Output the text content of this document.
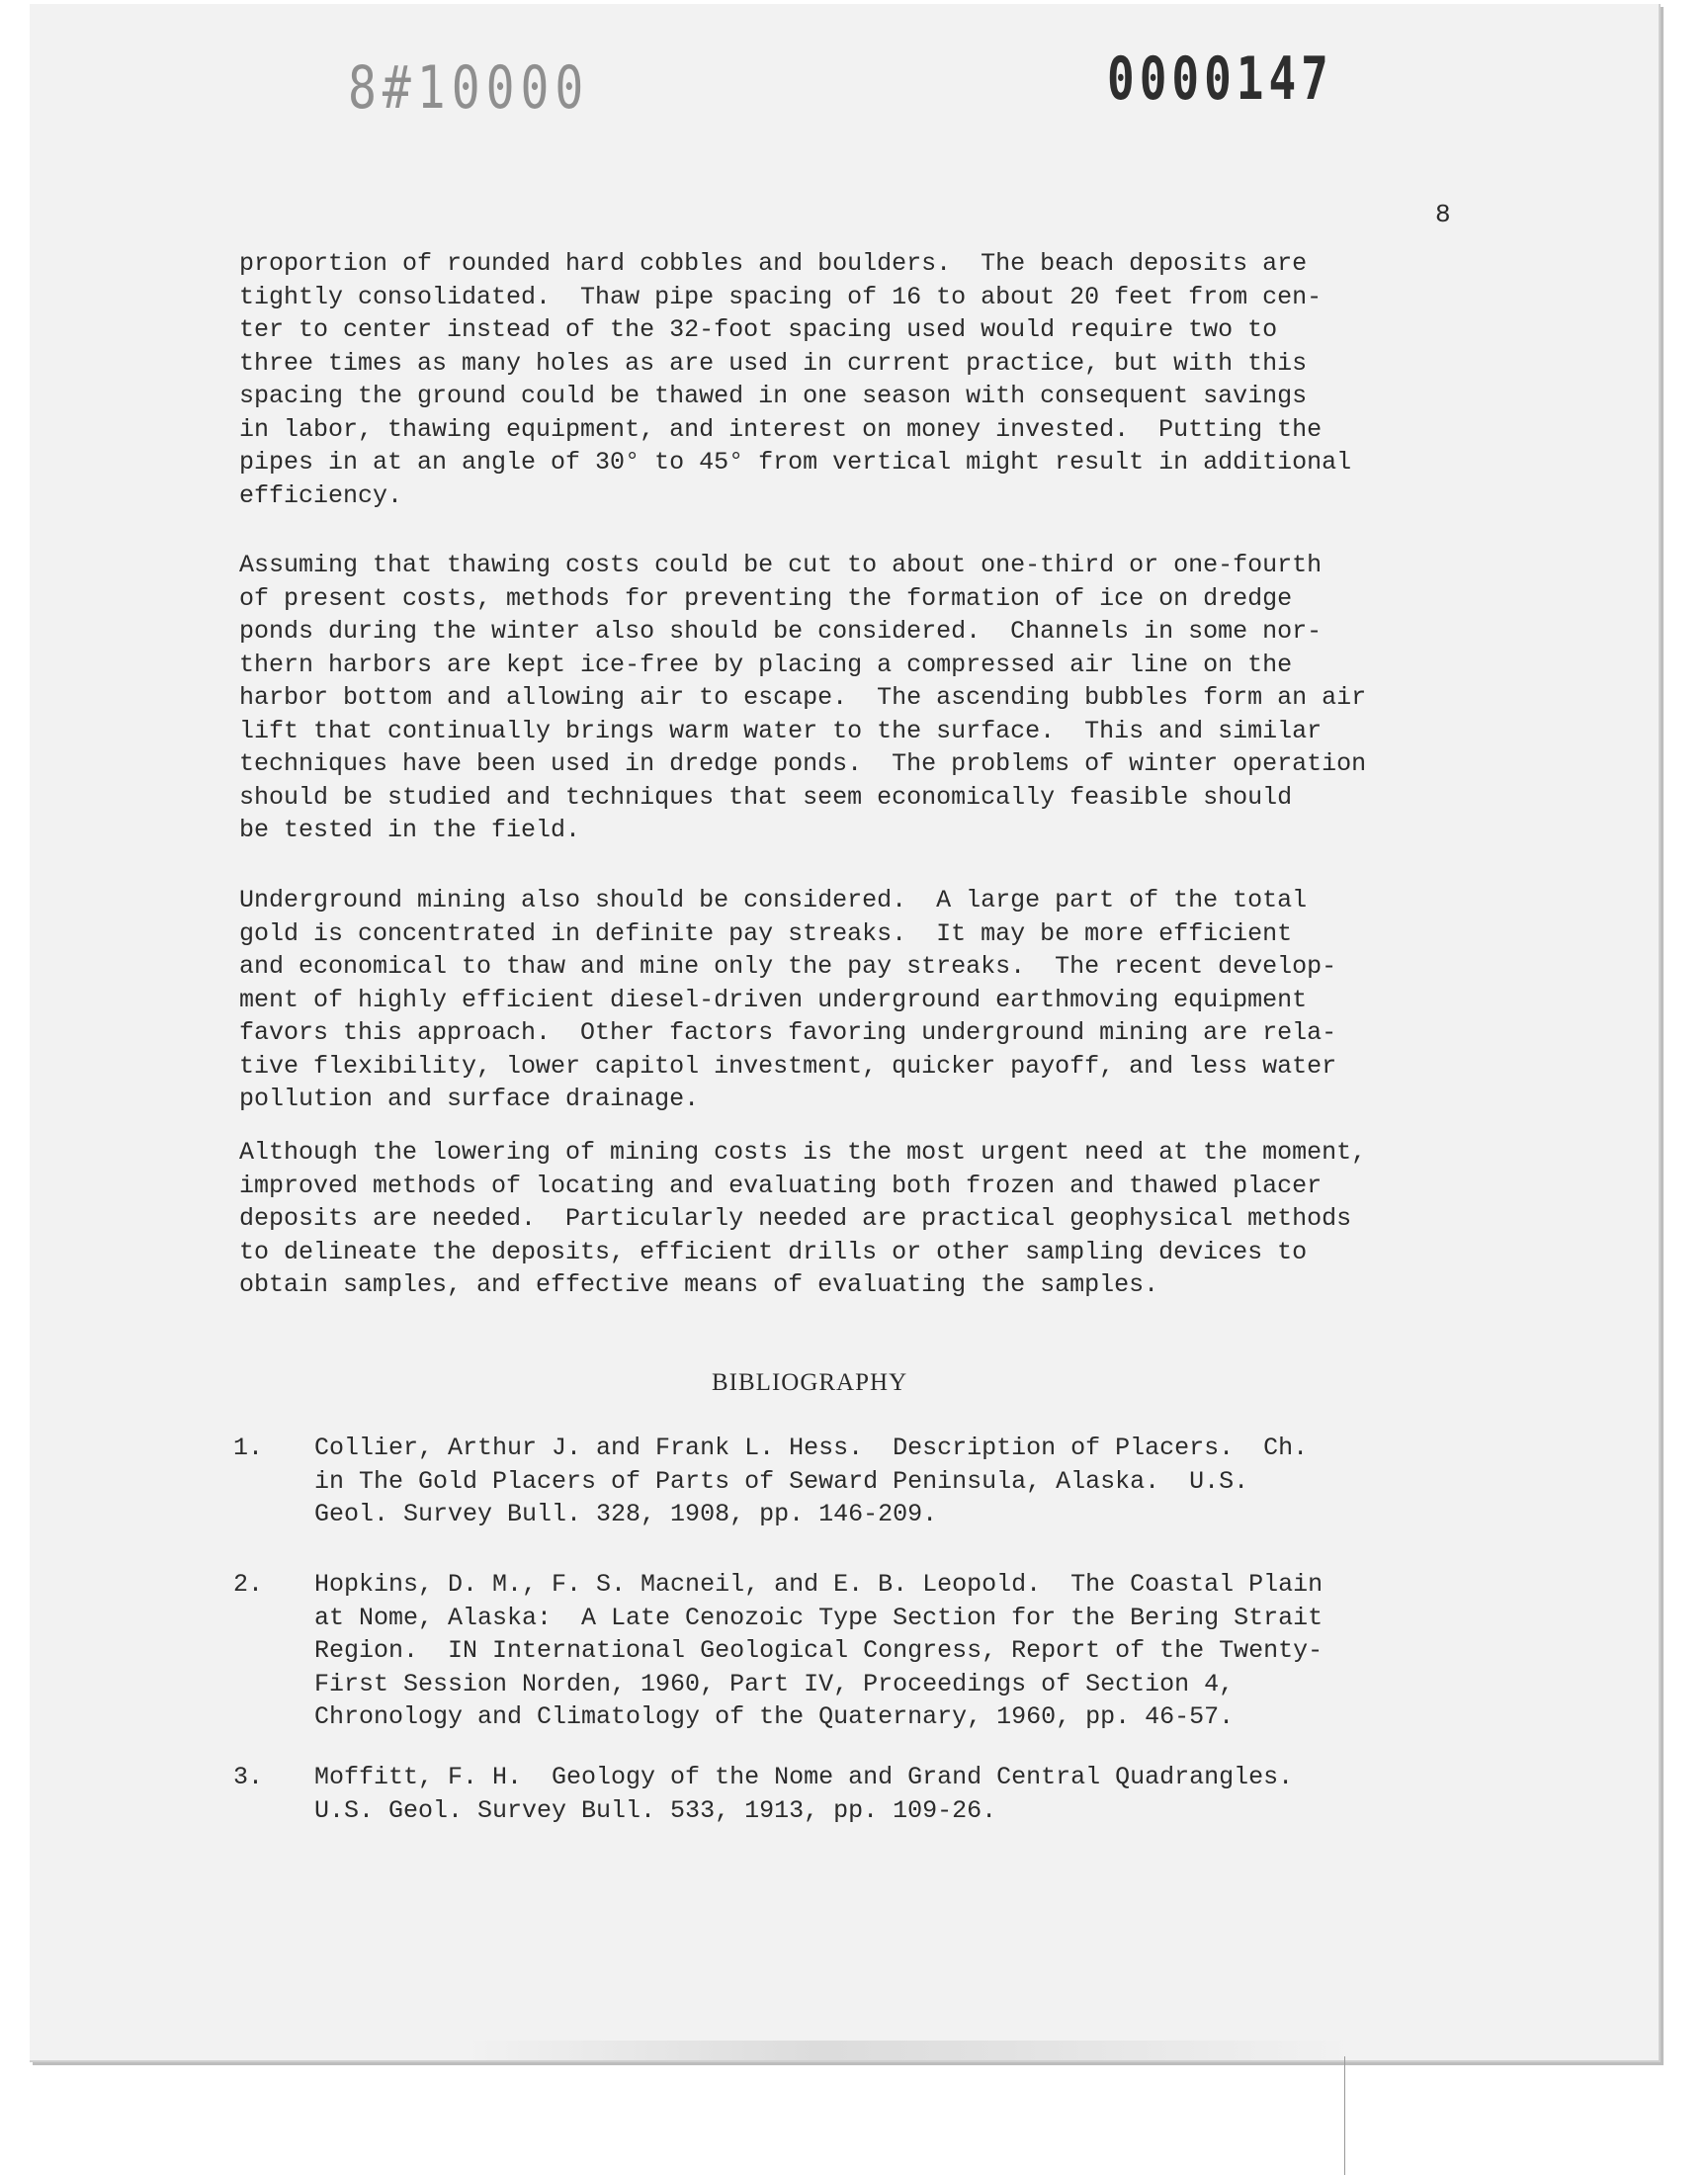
8#10000	0000147
8

proportion of rounded hard cobbles and boulders.  The beach deposits are
tightly consolidated.  Thaw pipe spacing of 16 to about 20 feet from cen-
ter to center instead of the 32-foot spacing used would require two to
three times as many holes as are used in current practice, but with this
spacing the ground could be thawed in one season with consequent savings
in labor, thawing equipment, and interest on money invested.  Putting the
pipes in at an angle of 30° to 45° from vertical might result in additional
efficiency.

Assuming that thawing costs could be cut to about one-third or one-fourth
of present costs, methods for preventing the formation of ice on dredge
ponds during the winter also should be considered.  Channels in some nor-
thern harbors are kept ice-free by placing a compressed air line on the
harbor bottom and allowing air to escape.  The ascending bubbles form an air
lift that continually brings warm water to the surface.  This and similar
techniques have been used in dredge ponds.  The problems of winter operation
should be studied and techniques that seem economically feasible should
be tested in the field.

Underground mining also should be considered.  A large part of the total
gold is concentrated in definite pay streaks.  It may be more efficient
and economical to thaw and mine only the pay streaks.  The recent develop-
ment of highly efficient diesel-driven underground earthmoving equipment
favors this approach.  Other factors favoring underground mining are rela-
tive flexibility, lower capitol investment, quicker payoff, and less water
pollution and surface drainage.

Although the lowering of mining costs is the most urgent need at the moment,
improved methods of locating and evaluating both frozen and thawed placer
deposits are needed.  Particularly needed are practical geophysical methods
to delineate the deposits, efficient drills or other sampling devices to
obtain samples, and effective means of evaluating the samples.

BIBLIOGRAPHY
1. Collier, Arthur J. and Frank L. Hess.  Description of Placers.  Ch.
in The Gold Placers of Parts of Seward Peninsula, Alaska.  U.S.
Geol. Survey Bull. 328, 1908, pp. 146-209.

2. Hopkins, D. M., F. S. Macneil, and E. B. Leopold.  The Coastal Plain
at Nome, Alaska:  A Late Cenozoic Type Section for the Bering Strait
Region.  IN International Geological Congress, Report of the Twenty-
First Session Norden, 1960, Part IV, Proceedings of Section 4,
Chronology and Climatology of the Quaternary, 1960, pp. 46-57.

3. Moffitt, F. H.  Geology of the Nome and Grand Central Quadrangles.
U.S. Geol. Survey Bull. 533, 1913, pp. 109-26.
